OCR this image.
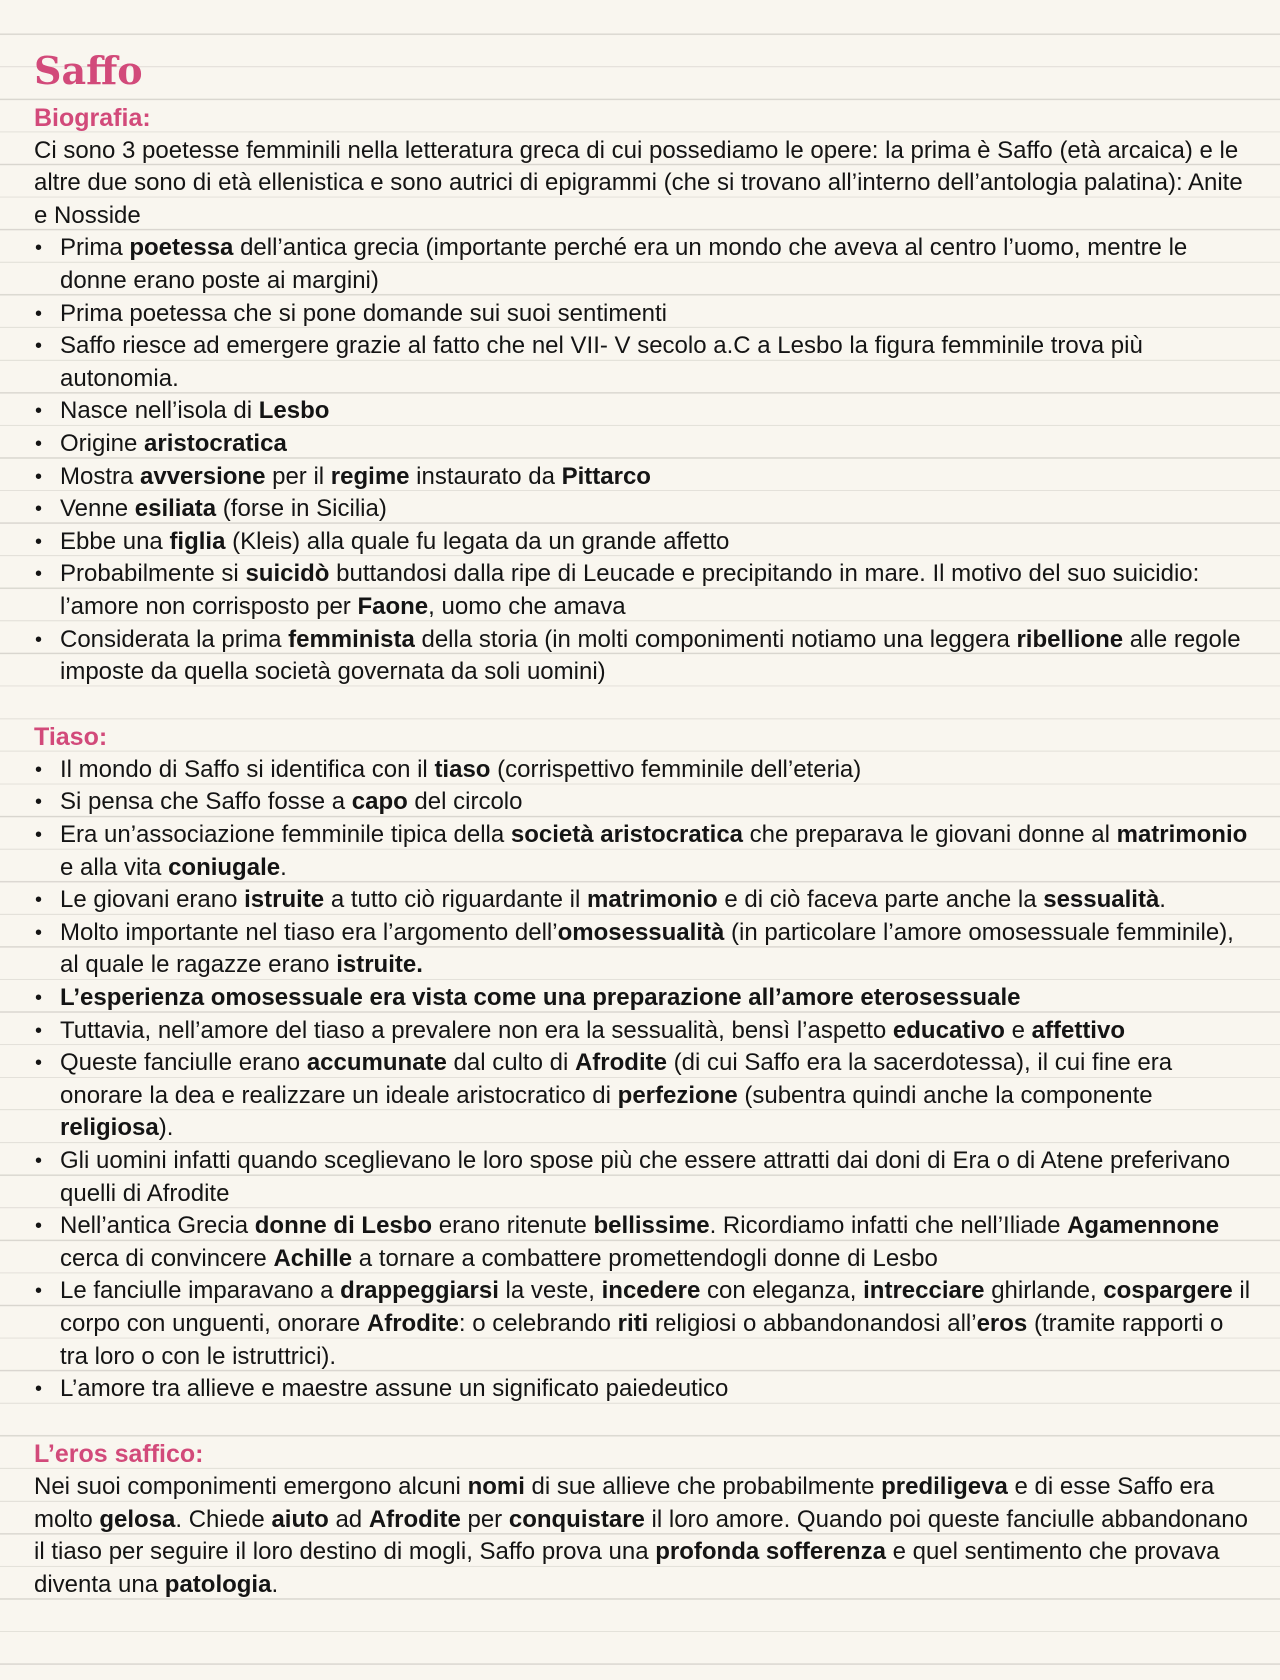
Saffo
Biografia:
Ci sono 3 poetesse femminili nella letteratura greca di cui possediamo le opere: la prima è Saffo (età arcaica) e le altre due sono di età ellenistica e sono autrici di epigrammi (che si trovano all’interno dell’antologia palatina): Anite e Nosside
• Prima poetessa dell’antica grecia (importante perché era un mondo che aveva al centro l’uomo, mentre le donne erano poste ai margini)
• Prima poetessa che si pone domande sui suoi sentimenti
• Saffo riesce ad emergere grazie al fatto che nel VII- V secolo a.C a Lesbo la figura femminile trova più autonomia.
• Nasce nell’isola di Lesbo
• Origine aristocratica
• Mostra avversione per il regime instaurato da Pittarco
• Venne esiliata (forse in Sicilia)
• Ebbe una figlia (Kleis) alla quale fu legata da un grande affetto
• Probabilmente si suicidò buttandosi dalla ripe di Leucade e precipitando in mare. Il motivo del suo suicidio: l’amore non corrisposto per Faone, uomo che amava
• Considerata la prima femminista della storia (in molti componimenti notiamo una leggera ribellione alle regole imposte da quella società governata da soli uomini)
Tiaso:
• Il mondo di Saffo si identifica con il tiaso (corrispettivo femminile dell’eteria)
• Si pensa che Saffo fosse a capo del circolo
• Era un’associazione femminile tipica della società aristocratica che preparava le giovani donne al matrimonio e alla vita coniugale.
• Le giovani erano istruite a tutto ciò riguardante il matrimonio e di ciò faceva parte anche la sessualità.
• Molto importante nel tiaso era l’argomento dell’omosessualità (in particolare l’amore omosessuale femminile), al quale le ragazze erano istruite.
• L’esperienza omosessuale era vista come una preparazione all’amore eterosessuale
• Tuttavia, nell’amore del tiaso a prevalere non era la sessualità, bensì l’aspetto educativo e affettivo
• Queste fanciulle erano accumunate dal culto di Afrodite (di cui Saffo era la sacerdotessa), il cui fine era onorare la dea e realizzare un ideale aristocratico di perfezione (subentra quindi anche la componente religiosa).
• Gli uomini infatti quando sceglievano le loro spose più che essere attratti dai doni di Era o di Atene preferivano quelli di Afrodite
• Nell’antica Grecia donne di Lesbo erano ritenute bellissime. Ricordiamo infatti che nell’Iliade Agamennone cerca di convincere Achille a tornare a combattere promettendogli donne di Lesbo
• Le fanciulle imparavano a drappeggiarsi la veste, incedere con eleganza, intrecciare ghirlande, cospargere il corpo con unguenti, onorare Afrodite: o celebrando riti religiosi o abbandonandosi all’eros (tramite rapporti o tra loro o con le istruttrici).
• L’amore tra allieve e maestre assune un significato paiedeutico
L’eros saffico:
Nei suoi componimenti emergono alcuni nomi di sue allieve che probabilmente prediligeva e di esse Saffo era molto gelosa. Chiede aiuto ad Afrodite per conquistare il loro amore. Quando poi queste fanciulle abbandonano il tiaso per seguire il loro destino di mogli, Saffo prova una profonda sofferenza e quel sentimento che provava diventa una patologia.
